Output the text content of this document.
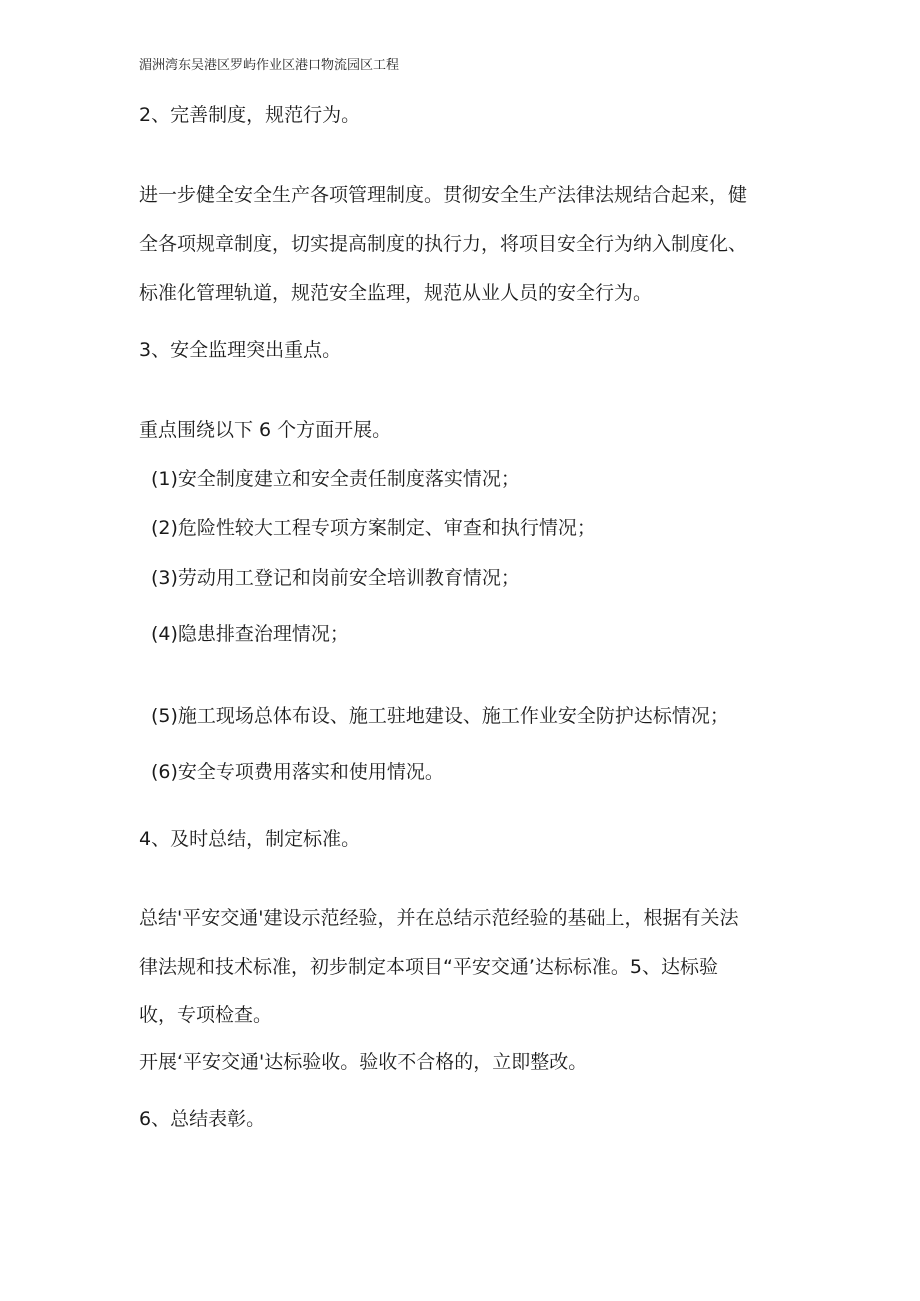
湄洲湾东吴港区罗屿作业区港口物流园区工程
2、完善制度，规范行为。
进一步健全安全生产各项管理制度。贯彻安全生产法律法规结合起来，健
全各项规章制度，切实提高制度的执行力，将项目安全行为纳入制度化、
标准化管理轨道，规范安全监理，规范从业人员的安全行为。
3、安全监理突出重点。
重点围绕以下 6 个方面开展。
(1)安全制度建立和安全责任制度落实情况；
(2)危险性较大工程专项方案制定、审查和执行情况；
(3)劳动用工登记和岗前安全培训教育情况；
(4)隐患排查治理情况；
(5)施工现场总体布设、施工驻地建设、施工作业安全防护达标情况；
(6)安全专项费用落实和使用情况。
4、及时总结，制定标准。
总结'平安交通'建设示范经验，并在总结示范经验的基础上，根据有关法
律法规和技术标准，初步制定本项目“平安交通’达标标准。5、达标验
收，专项检查。
开展‘平安交通'达标验收。验收不合格的，立即整改。
6、总结表彰。
